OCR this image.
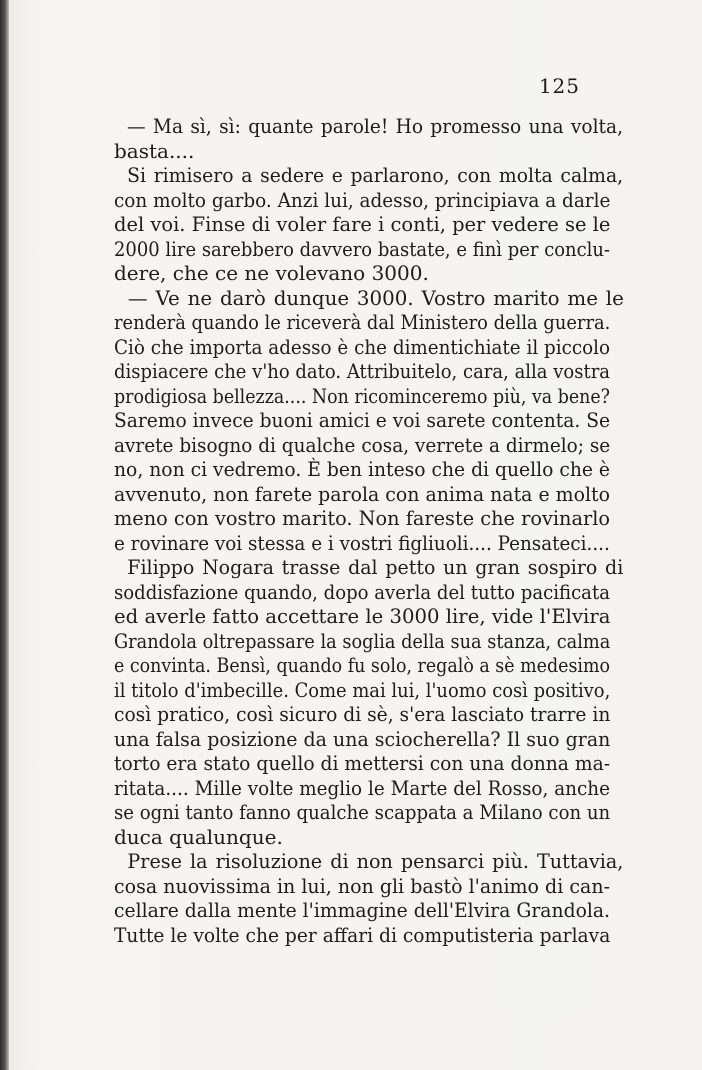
125
— Ma sì, sì: quante parole! Ho promesso una volta,
basta....
Si rimisero a sedere e parlarono, con molta calma,
con molto garbo. Anzi lui, adesso, principiava a darle
del voi. Finse di voler fare i conti, per vedere se le
2000 lire sarebbero davvero bastate, e finì per conclu-
dere, che ce ne volevano 3000.
— Ve ne darò dunque 3000. Vostro marito me le
renderà quando le riceverà dal Ministero della guerra.
Ciò che importa adesso è che dimentichiate il piccolo
dispiacere che v'ho dato. Attribuitelo, cara, alla vostra
prodigiosa bellezza.... Non ricominceremo più, va bene?
Saremo invece buoni amici e voi sarete contenta. Se
avrete bisogno di qualche cosa, verrete a dirmelo; se
no, non ci vedremo. È ben inteso che di quello che è
avvenuto, non farete parola con anima nata e molto
meno con vostro marito. Non fareste che rovinarlo
e rovinare voi stessa e i vostri figliuoli.... Pensateci....
Filippo Nogara trasse dal petto un gran sospiro di
soddisfazione quando, dopo averla del tutto pacificata
ed averle fatto accettare le 3000 lire, vide l'Elvira
Grandola oltrepassare la soglia della sua stanza, calma
e convinta. Bensì, quando fu solo, regalò a sè medesimo
il titolo d'imbecille. Come mai lui, l'uomo così positivo,
così pratico, così sicuro di sè, s'era lasciato trarre in
una falsa posizione da una sciocherella? Il suo gran
torto era stato quello di mettersi con una donna ma-
ritata.... Mille volte meglio le Marte del Rosso, anche
se ogni tanto fanno qualche scappata a Milano con un
duca qualunque.
Prese la risoluzione di non pensarci più. Tuttavia,
cosa nuovissima in lui, non gli bastò l'animo di can-
cellare dalla mente l'immagine dell'Elvira Grandola.
Tutte le volte che per affari di computisteria parlava
